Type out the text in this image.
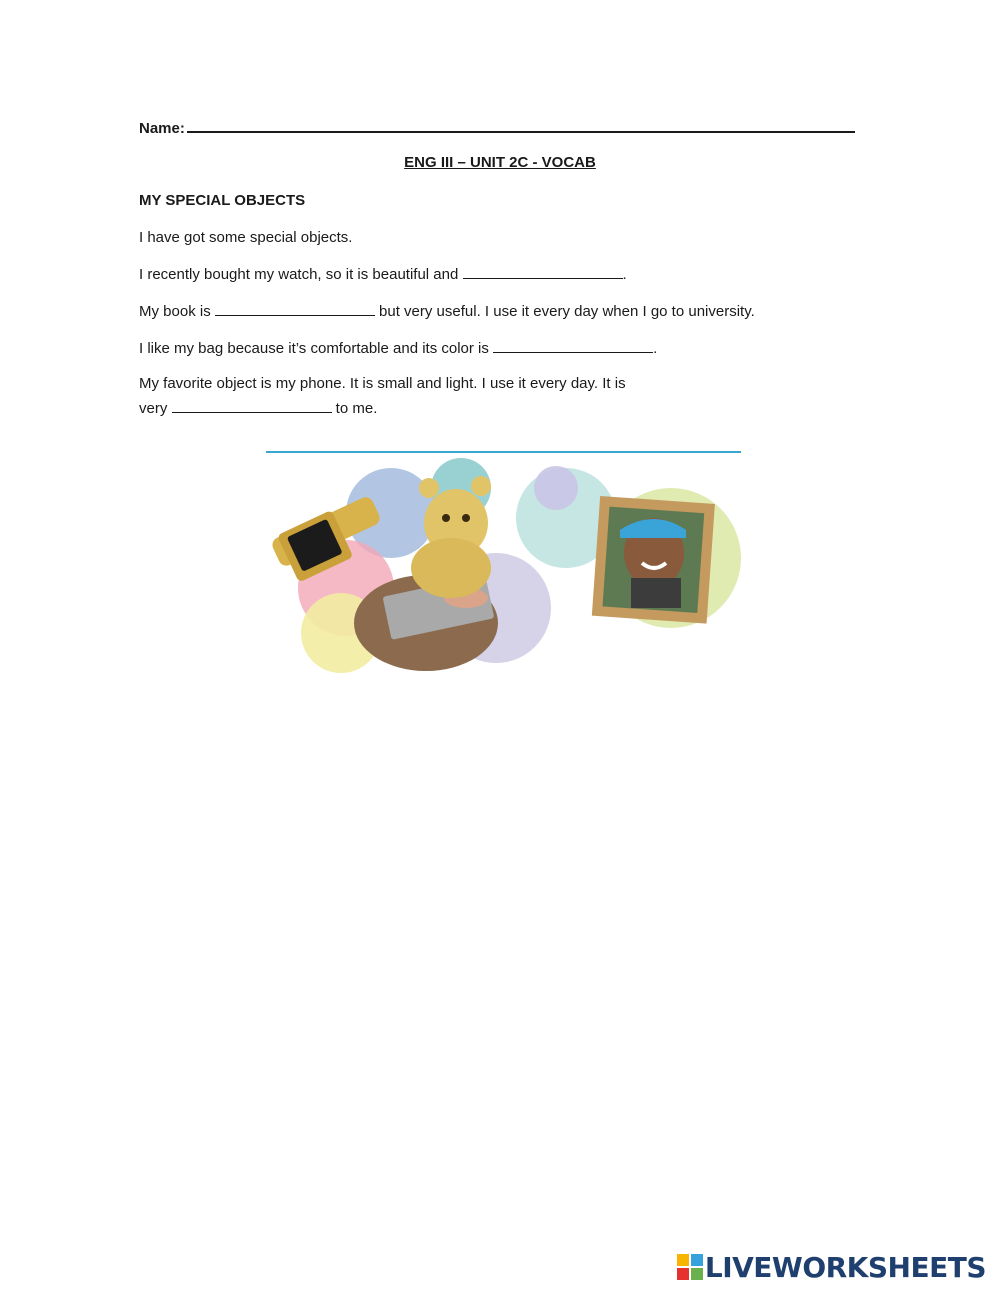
Name:
ENG III – UNIT 2C - VOCAB
MY SPECIAL OBJECTS
I have got some special objects.
I recently bought my watch, so it is beautiful and	.
My book is	but very useful. I use it every day when I go to university.
I like my bag because it’s comfortable and its color is	.
My favorite object is my phone. It is small and light. I use it every day. It is
very	to me.
LIVEWORKSHEETS
